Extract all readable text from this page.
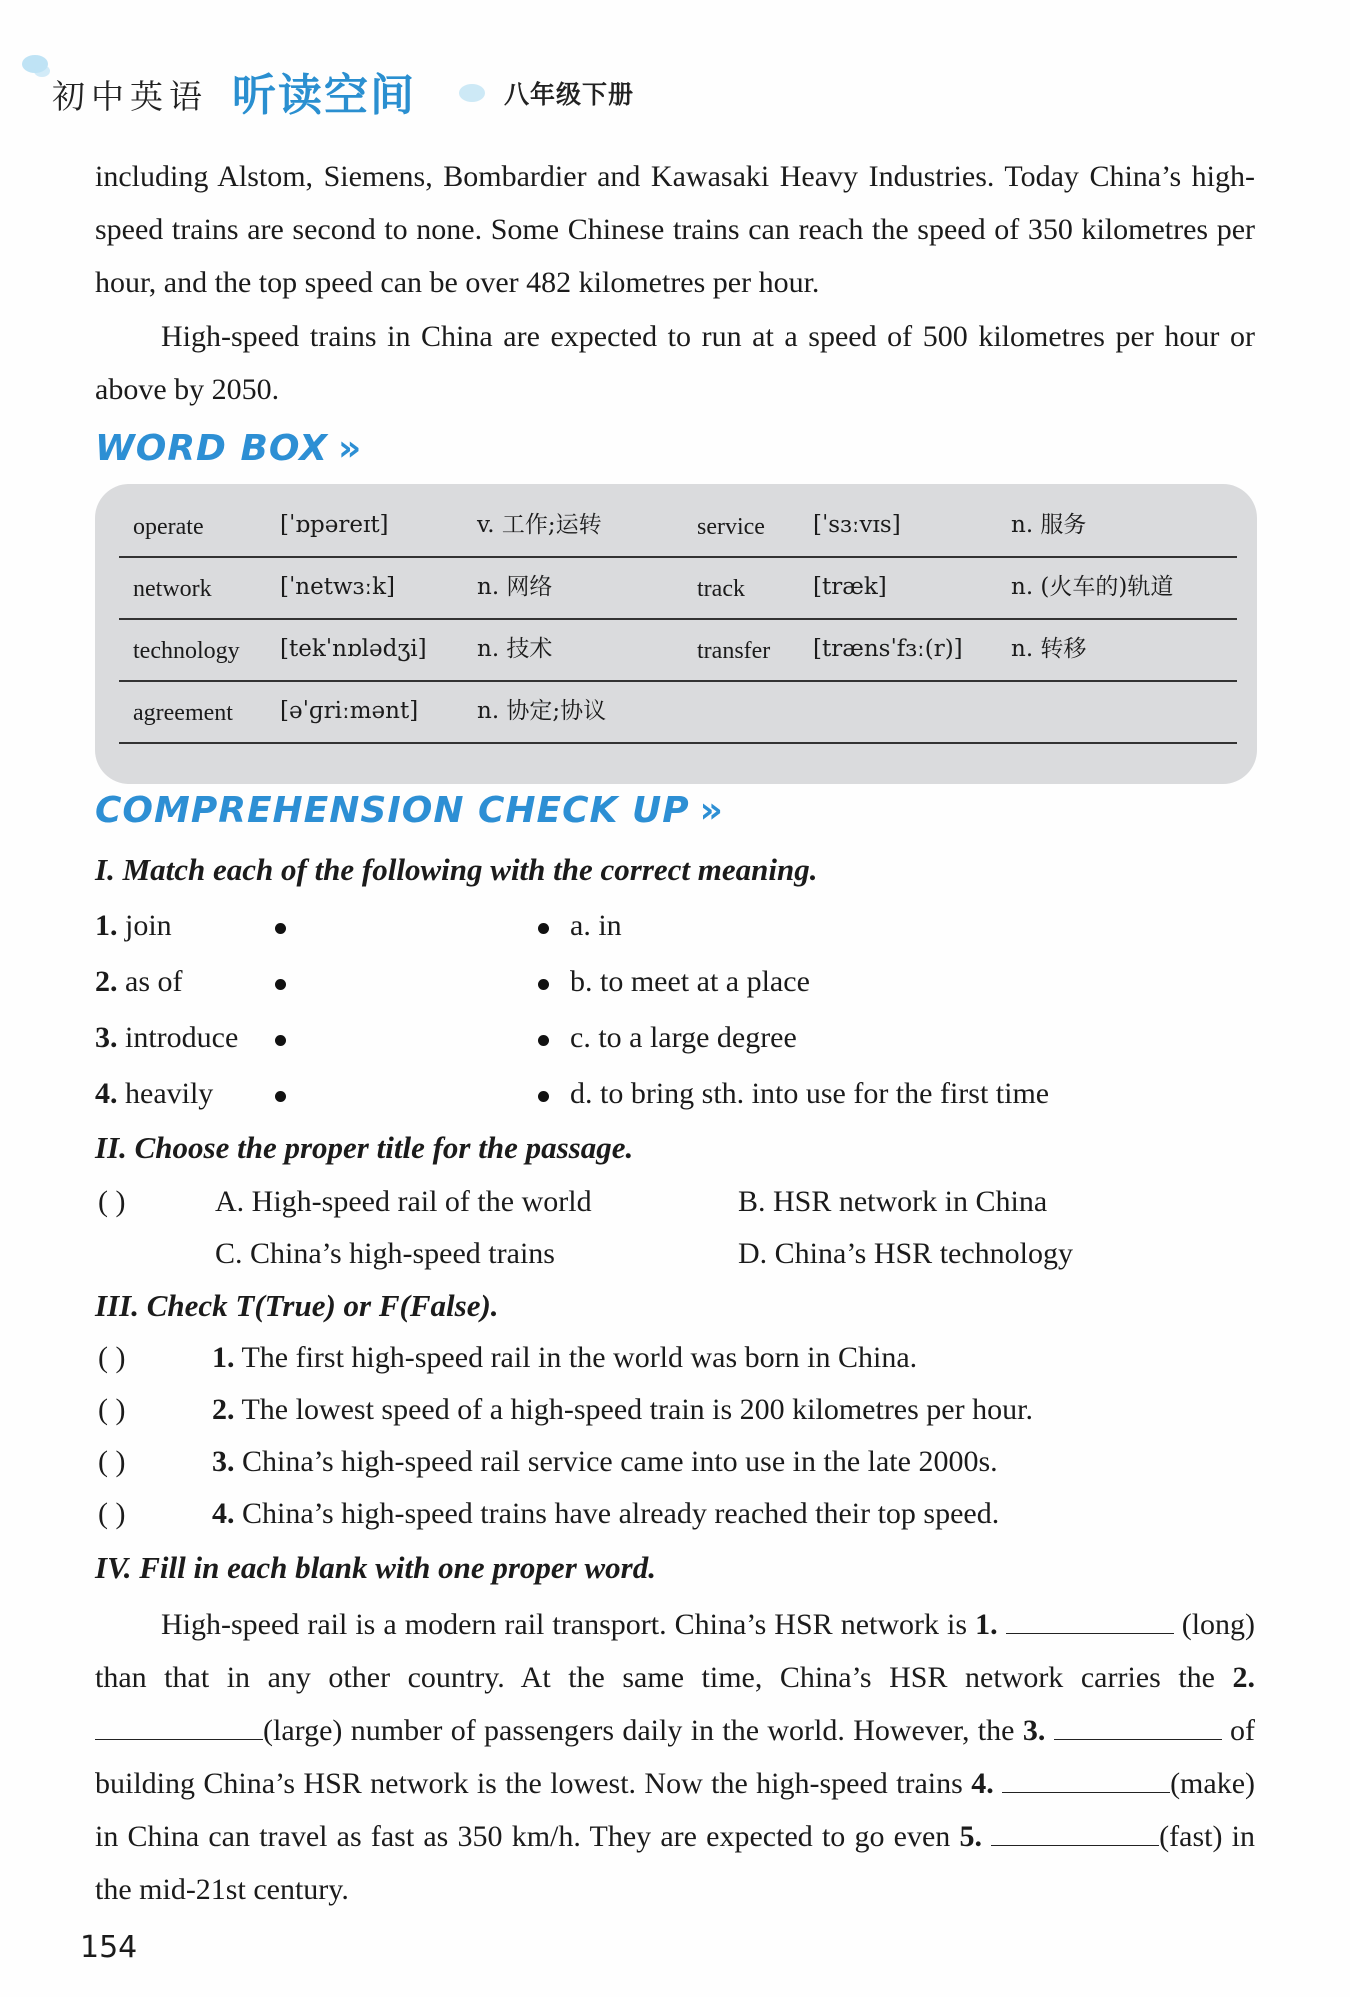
初中英语 听读空间	八年级下册
including Alstom, Siemens, Bombardier and Kawasaki Heavy Industries. Today China’s high-speed trains are second to none. Some Chinese trains can reach the speed of 350 kilometres per hour, and the top speed can be over 482 kilometres per hour.
High-speed trains in China are expected to run at a speed of 500 kilometres per hour or above by 2050.
WORD BOX »
operate	[ˈɒpəreɪt]	v. 工作;运转	service [ˈsɜːvɪs]	n. 服务
network	[ˈnetwɜːk]	n. 网络	track	[træk]	n. (火车的)轨道
technology [tekˈnɒlədʒi] n. 技术	transfer [trænsˈfɜː(r)] n. 转移
agreement [əˈɡriːmənt]	n. 协定;协议
COMPREHENSION CHECK UP »
I. Match each of the following with the correct meaning.
1. join
2. as of
3. introduce
4. heavily
a. in
b. to meet at a place
c. to a large degree
d. to bring sth. into use for the first time
II. Choose the proper title for the passage.
( )	A. High-speed rail of the world	B. HSR network in China
C. China’s high-speed trains	D. China’s HSR technology
III. Check T(True) or F(False).
( )	1. The first high-speed rail in the world was born in China.
( )	2. The lowest speed of a high-speed train is 200 kilometres per hour.
( )	3. China’s high-speed rail service came into use in the late 2000s.
( )	4. China’s high-speed trains have already reached their top speed.
IV. Fill in each blank with one proper word.
High-speed rail is a modern rail transport. China’s HSR network is 1.	(long) than that in any other country. At the same time, China’s HSR network carries the 2. (large) number of passengers daily in the world. However, the 3.	of building China’s HSR network is the lowest. Now the high-speed trains 4.	(make) in China can travel as fast as 350 km/h. They are expected to go even 5.	(fast) in the mid-21st century.
154
